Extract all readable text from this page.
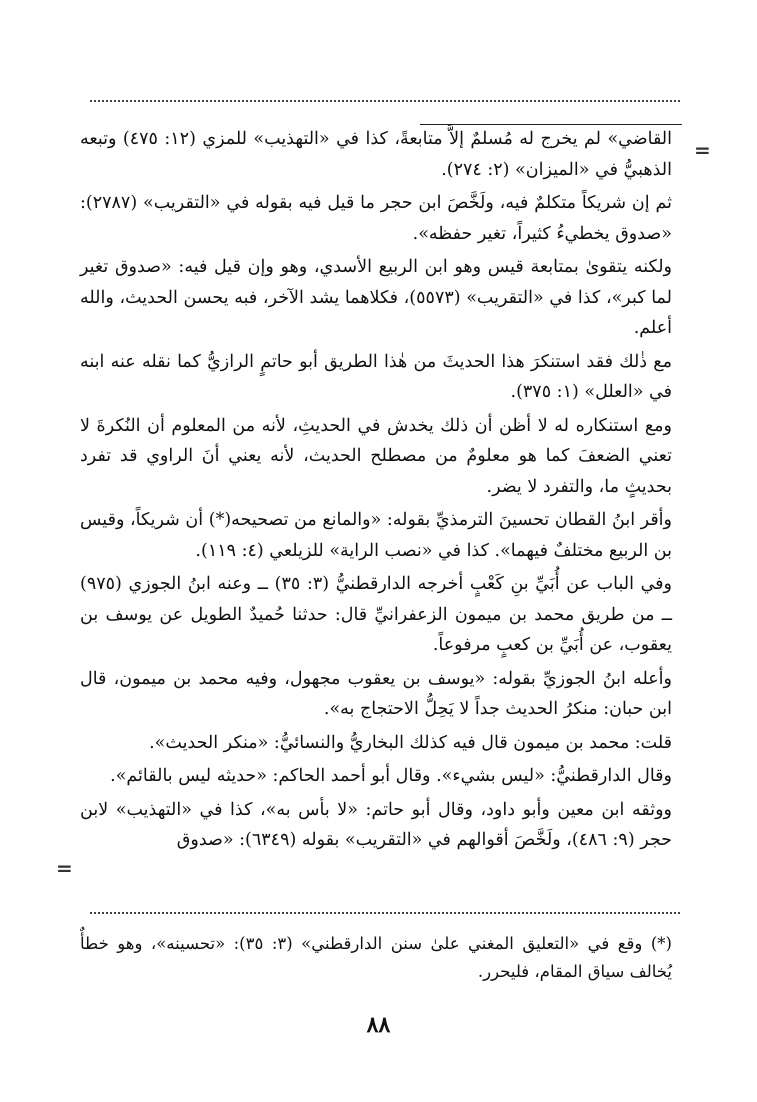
=
=

القاضي» لم يخرج له مُسلمٌ إلاَّ متابعةً، كذا في «التهذيب» للمزي (١٢: ٤٧٥) وتبعه الذهبيُّ في «الميزان» (٢: ٢٧٤).

ثم إن شريكاً متكلمٌ فيه، ولَخَّصَ ابن حجر ما قيل فيه بقوله في «التقريب» (٢٧٨٧): «صدوق يخطيءُ كثيراً، تغير حفظه».

ولكنه يتقوىٰ بمتابعة قيس وهو ابن الربيع الأسدي، وهو وإن قيل فيه: «صدوق تغير لما كبر»، كذا في «التقريب» (٥٥٧٣)، فكلاهما يشد الآخر، فبه يحسن الحديث، والله أعلم.

مع ذٰلك فقد استنكرَ هذا الحديثَ من هٰذا الطريق أبو حاتمٍ الرازيُّ كما نقله عنه ابنه في «العلل» (١: ٣٧٥).

ومع استنكاره له لا أظن أن ذلك يخدش في الحديثِ، لأنه من المعلوم أن النُكرةَ لا تعني الضعفَ كما هو معلومٌ من مصطلح الحديث، لأنه يعني أنَ الراوي قد تفرد بحديثٍ ما، والتفرد لا يضر.

وأقر ابنُ القطان تحسينَ الترمذيِّ بقوله: «والمانع من تصحيحه(*) أن شريكاً، وقيس بن الربيع مختلفٌ فيهما». كذا في «نصب الراية» للزيلعي (٤: ١١٩).

وفي الباب عن أُبَيِّ بنِ كَعْبٍ أخرجه الدارقطنيُّ (٣: ٣٥) ــ وعنه ابنُ الجوزي (٩٧٥) ــ من طريق محمد بن ميمون الزعفرانيِّ قال: حدثنا حُميدٌ الطويل عن يوسف بن يعقوب، عن أُبَيِّ بن كعبٍ مرفوعاً.

وأعله ابنُ الجوزيِّ بقوله: «يوسف بن يعقوب مجهول، وفيه محمد بن ميمون، قال ابن حبان: منكرُ الحديث جداً لا يَحِلُّ الاحتجاج به».

قلت: محمد بن ميمون قال فيه كذلك البخاريُّ والنسائيُّ: «منكر الحديث».

وقال الدارقطنيُّ: «ليس بشيء». وقال أبو أحمد الحاكم: «حديثه ليس بالقائم».

ووثقه ابن معين وأبو داود، وقال أبو حاتم: «لا بأس به»، كذا في «التهذيب» لابن حجر (٩: ٤٨٦)، ولَخَّصَ أقوالهم في «التقريب» بقوله (٦٣٤٩): «صدوق

(*) وقع في «التعليق المغني علىٰ سنن الدارقطني» (٣: ٣٥): «تحسينه»، وهو خطأٌ يُخالف سياق المقام، فليحرر.

٨٨
